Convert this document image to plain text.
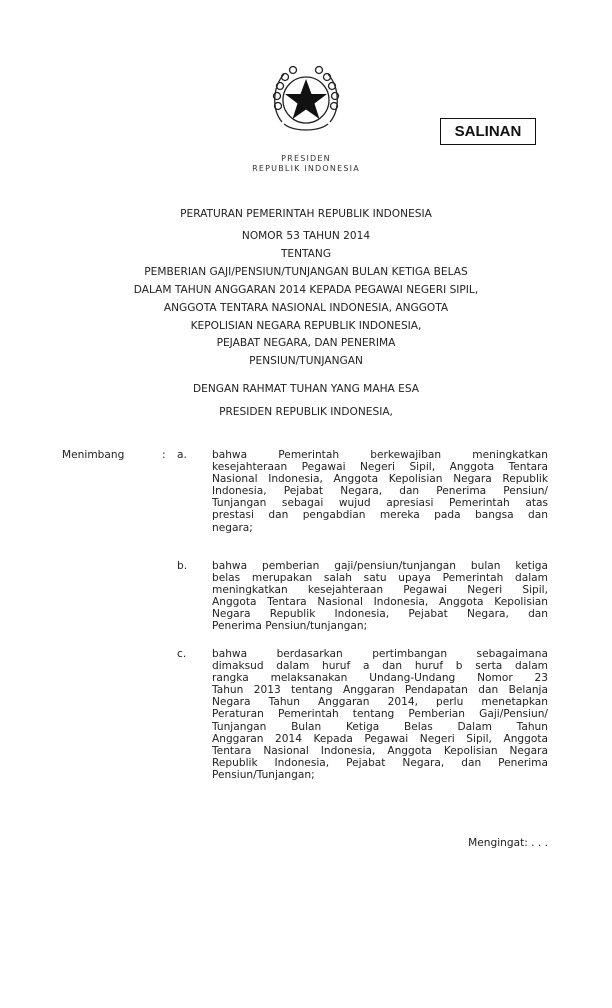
SALINAN
PRESIDEN
REPUBLIK INDONESIA
PERATURAN PEMERINTAH REPUBLIK INDONESIA
NOMOR 53 TAHUN 2014
TENTANG
PEMBERIAN GAJI/PENSIUN/TUNJANGAN BULAN KETIGA BELAS
DALAM TAHUN ANGGARAN 2014 KEPADA PEGAWAI NEGERI SIPIL,
ANGGOTA TENTARA NASIONAL INDONESIA, ANGGOTA
KEPOLISIAN NEGARA REPUBLIK INDONESIA,
PEJABAT NEGARA, DAN PENERIMA
PENSIUN/TUNJANGAN
DENGAN RAHMAT TUHAN YANG MAHA ESA
PRESIDEN REPUBLIK INDONESIA,
Menimbang	: a. bahwa Pemerintah berkewajiban meningkatkan
kesejahteraan Pegawai Negeri Sipil, Anggota Tentara
Nasional Indonesia, Anggota Kepolisian Negara Republik
Indonesia, Pejabat Negara, dan Penerima Pensiun/
Tunjangan sebagai wujud apresiasi Pemerintah atas
prestasi dan pengabdian mereka pada bangsa dan
negara;
b. bahwa pemberian gaji/pensiun/tunjangan bulan ketiga
belas merupakan salah satu upaya Pemerintah dalam
meningkatkan kesejahteraan Pegawai Negeri Sipil,
Anggota Tentara Nasional Indonesia, Anggota Kepolisian
Negara Republik Indonesia, Pejabat Negara, dan
Penerima Pensiun/tunjangan;
c. bahwa berdasarkan pertimbangan sebagaimana
dimaksud dalam huruf a dan huruf b serta dalam
rangka melaksanakan Undang-Undang Nomor 23
Tahun 2013 tentang Anggaran Pendapatan dan Belanja
Negara Tahun Anggaran 2014, perlu menetapkan
Peraturan Pemerintah tentang Pemberian Gaji/Pensiun/
Tunjangan Bulan Ketiga Belas Dalam Tahun
Anggaran 2014 Kepada Pegawai Negeri Sipil, Anggota
Tentara Nasional Indonesia, Anggota Kepolisian Negara
Republik Indonesia, Pejabat Negara, dan Penerima
Pensiun/Tunjangan;
Mengingat: . . .
